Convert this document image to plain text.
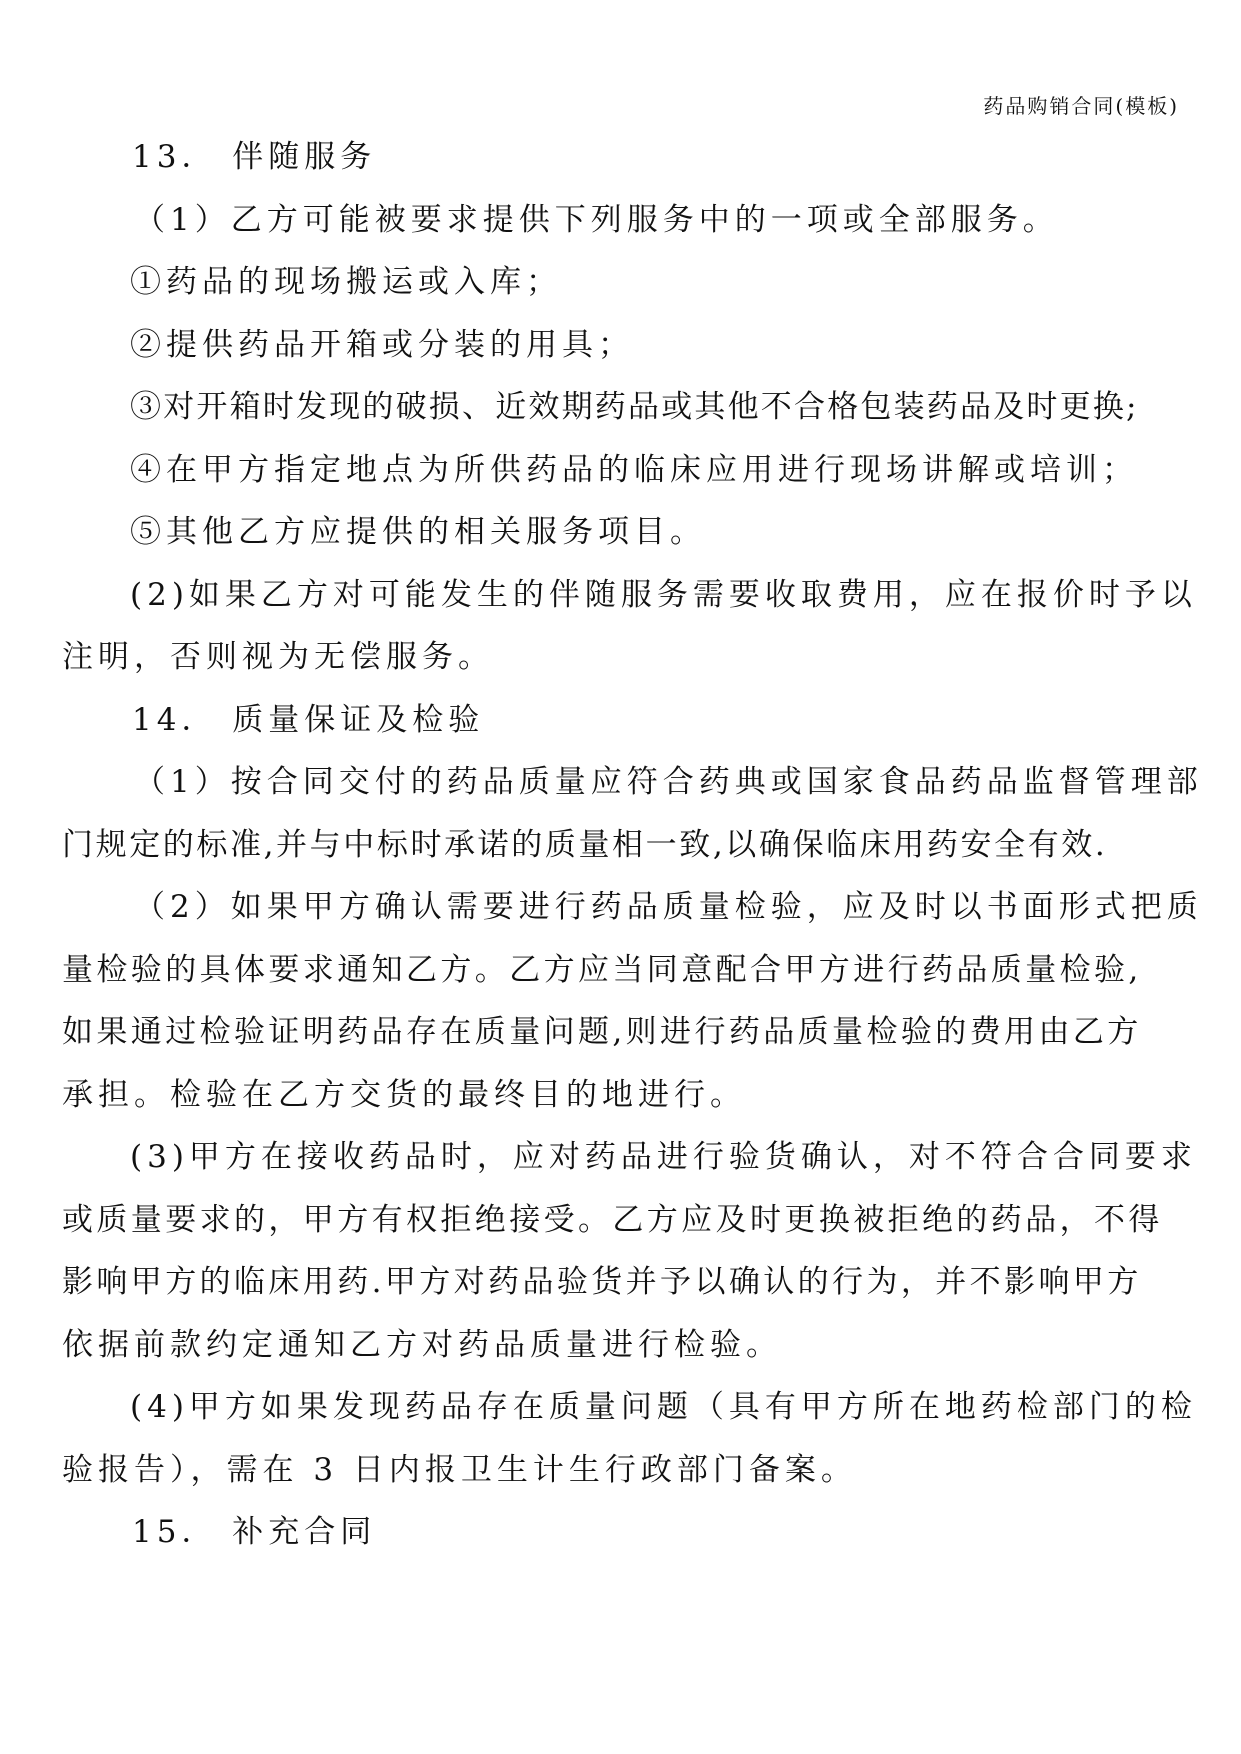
药品购销合同(模板)
13． 伴随服务
（1）乙方可能被要求提供下列服务中的一项或全部服务。
①药品的现场搬运或入库；
②提供药品开箱或分装的用具；
③对开箱时发现的破损、近效期药品或其他不合格包装药品及时更换;
④在甲方指定地点为所供药品的临床应用进行现场讲解或培训；
⑤其他乙方应提供的相关服务项目。
(2)如果乙方对可能发生的伴随服务需要收取费用，应在报价时予以
注明，否则视为无偿服务。
14． 质量保证及检验
（1）按合同交付的药品质量应符合药典或国家食品药品监督管理部
门规定的标准,并与中标时承诺的质量相一致,以确保临床用药安全有效.
（2）如果甲方确认需要进行药品质量检验，应及时以书面形式把质
量检验的具体要求通知乙方。乙方应当同意配合甲方进行药品质量检验,
如果通过检验证明药品存在质量问题,则进行药品质量检验的费用由乙方
承担。检验在乙方交货的最终目的地进行。
(3)甲方在接收药品时，应对药品进行验货确认，对不符合合同要求
或质量要求的，甲方有权拒绝接受。乙方应及时更换被拒绝的药品，不得
影响甲方的临床用药.甲方对药品验货并予以确认的行为，并不影响甲方
依据前款约定通知乙方对药品质量进行检验。
(4)甲方如果发现药品存在质量问题（具有甲方所在地药检部门的检
验报告），需在 3 日内报卫生计生行政部门备案。
15． 补充合同
